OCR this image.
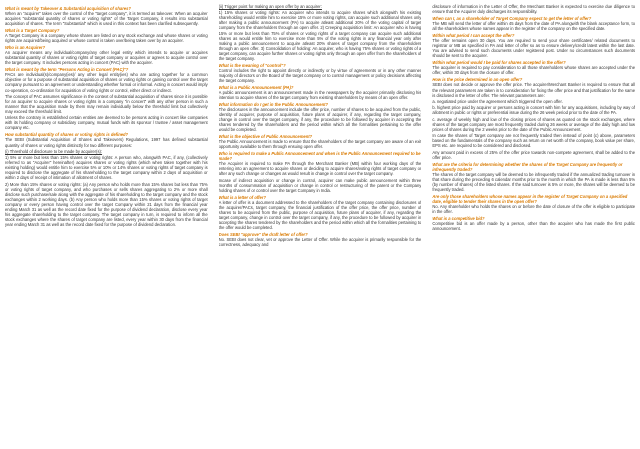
What is meant by Takeover & Substantial acquisition of shares?

When an "acquirer" takes over the control of the "target company", it is termed as takeover. When an acquirer acquires "substantial quantity of shares or voting rights" of the Target Company, it results into substantial acquisition of shares. The term "Substantial" which is used in this context has been clarified subsequently.

What is a Target Company?

A Target Company is a company whose shares are listed on any stock exchange and whose shares or voting rights are acquired/being acquired or whose control is taken over/being taken over by an acquirer.

Who is an Acquirer?

An acquirer means any individual/company/any other legal entity which intends to acquire or acquires substantial quantity of shares or voting rights of target company or acquires or agrees to acquire control over the target company. It includes persons acting in concert (PAC) with the acquirer.

What is meant by the term "Persons Acting in Concert (PAC)"?

PACs are individual(s)/company(ies)/ any other legal entity(ies) who are acting together for a common objective or for a purpose of substantial acquisition of shares or voting rights or gaining control over the target company pursuant to an agreement or understanding whether formal or informal. Acting in concert would imply co-operation, co-ordination for acquisition of voting rights or control, either direct or indirect.

The concept of PAC assumes significance in the context of substantial acquisition of shares since it is possible for an acquirer to acquire shares or voting rights in a company "in concert" with any other person in such a manner that the acquisition made by them may remain individually below the threshold limit but collectively may exceed the threshold limit.

Unless the contrary is established certain entities are deemed to be persons acting in concert like companies with its holding company or subsidiary company, mutual funds with its sponsor / trustee / asset management company etc.

How substantial quantity of shares or voting rights is defined?

The SEBI (Substantial Acquisition of Shares and Takeovers) Regulations, 1997 has defined substantial quantity of shares or voting rights distinctly for two different purposes:

(i) Threshold of disclosure to be made by acquirer(s):

1) 5% or more but less than 15% shares or voting rights: A person who, alongwith PAC, if any, (collectively referred to as "Acquirer" hereinafter) acquires shares or voting rights (which when taken together with his existing holding) would entitle him to exercise 5% or 10% or 14% shares or voting rights of target company is required to disclose the aggregate of his shareholding to the target company within 2 days of acquisition or within 2 days of receipt of intimation of allotment of shares.

2) More than 15% shares or voting rights: (a) Any person who holds more than 15% shares but less than 75% or voting rights of target company, and who purchases or sells shares aggregating to 2% or more shall disclose such purchase/sale along with the aggregate of his shareholding to the target company and the stock exchanges within 2 working days. (b) Any person who holds more than 15% shares or voting rights of target company or every person having control over the target Company within 21 days from the financial year ending March 31 as well as the record date fixed for the purpose of dividend declaration, disclose every year his aggregate shareholding to the target company. The target company in turn, is required to inform all the stock exchanges where the shares of target company are listed, every year within 30 days from the financial year ending March 31 as well as the record date fixed for the purpose of dividend declaration.

(ii) Trigger point for making an open offer by an acquirer:

1) 15% shares or voting rights: An acquirer who intends to acquire shares which alongwith his existing shareholding would entitle him to exercise 15% or more voting rights, can acquire such additional shares only after making a public announcement (PA) to acquire atleast additional 20% of the voting capital of target company from the shareholders through an open offer. 2) Creeping acquisition limit: An acquirer who is having 15% or more but less than 75% of shares or voting rights of a target company can acquire such additional shares as would entitle him to exercise more than 5% of the voting rights in any financial year only after making a public announcement to acquire atleast 20% shares of target company from the shareholders through an open offer. 3) Consolidation of holding: An acquirer, who is having 75% shares or voting rights of a target company, can acquire further shares or voting rights only through an open offer from the shareholders of the target company.

What is the meaning of "control"?

Control includes the right to appoint directly or indirectly or by virtue of agreements or in any other manner majority of directors on the Board of the target company or to control management or policy decisions affecting the target company.

What is a Public Announcement (PA)?

A public announcement is an announcement made in the newspapers by the acquirer primarily disclosing his intention to acquire shares of the target company from existing shareholders by means of an open offer.

What information do I get in the Public Announcement?

The disclosures in the announcement include the offer price, number of shares to be acquired from the public, identity of acquirer, purpose of acquisition, future plans of acquirer, if any, regarding the target company, change in control over the target company, if any, the procedure to be followed by acquirer in accepting the shares tendered by the shareholders and the period within which all the formalities pertaining to the offer would be completed.

What is the objective of Public Announcement?

The Public Announcement is made to ensure that the shareholders of the target company are aware of an exit opportunity available to them through ensuing open offer.

Who is required to make a Public Announcement and when is the Public Announcement required to be made?

The Acquirer is required to make PA through the Merchant Banker (MB) within four working days of the entering into an agreement to acquire shares or deciding to acquire shares/voting rights of target company or after any such change or changes as would result in change in control over the target company.

Incase of indirect acquisition or change in control, acquirer can make public announcement within three months of consummation of acquisition or change in control or restructuring of the parent or the Company holding shares of or control over the target Company in India.

What is a letter of offer?

A letter of offer is a document addressed to the shareholders of the target company containing disclosures of the acquirer/PACs, target company, the financial justification of the offer price, the offer price, number of shares to be acquired from the public, purpose of acquisition, future plans of acquirer, if any, regarding the target company, change in control over the target company, if any, the procedure to be followed by acquirer in accepting the shares tendered by the shareholders and the period within which all the formalities pertaining to the offer would be completed.

Does SEBI "approve" the draft letter of offer?

No. SEBI does not clear, vet or approve the Letter of Offer. While the acquirer is primarily responsible for the correctness, adequacy and

disclosure of information in the Letter of Offer, the Merchant Banker is expected to exercise due diligence to ensure that the Acquirer duly discharges its responsibility.

When can I, as a shareholder of Target Company expect to get the letter of offer?

The MB will send the letter of offer within 45 days from the date of PA alongwith the blank acceptance form, to all the shareholders whose names appear in the register of the company on the specified date.

Within what period I can accept the offer?

The offer remains open 30 days. You are required to send your share certificates/ related documents to registrar or MB as specified in PA and letter of offer so as to ensure delivery/credit latest within the last date. You are advised to send such documents under registered post. Under no circumstances such documents should be sent to the acquirer.

Within what period would I be paid for shares accepted in the offer?

The acquirer is required to pay consideration to all those shareholders whose shares are accepted under the offer, within 30 days from the closure of offer.

How is the price determined in an open offer?

SEBI does not decide or approve the offer price. The acquirer/Merchant Banker is required to ensure that all the relevant parameters are taken in to consideration for fixing the offer price and that justification for the same is disclosed in the letter of offer. The relevant parameters are:

a. negotiated price under the agreement which triggered the open offer.

b. highest price paid by acquirer or persons acting in concert with him for any acquisitions, including by way of allotment in public or rights or preferential issue during the 26 week period prior to the date of the PA.

c. average of weekly high and low of the closing prices of shares as quoted on the stock exchanges, where shares of the target company are most frequently traded during 26 weeks or average of the daily high and low prices of shares during the 2 weeks prior to the date of the Public Announcement.

In case the shares of Target company are not frequently traded then instead of point (c) above, parameters based on the fundamentals of the company such as return on net worth of the company, book value per share, EPS etc. are required to be considered and disclosed.

Any amount paid in excess of 25% of the offer price towards non-compete agreement, shall be added to the offer price.

What are the criteria for determining whether the shares of the Target Company are frequently or infrequently traded?

The shares of the target company will be deemed to be infrequently traded if the annualized trading turnover in that share during the preceding 6 calendar months prior to the month in which the PA is made is less than 5% (by number of shares) of the listed shares. If the said turnover is 5% or more, the shares will be deemed to be frequently traded.

Are only those shareholders whose names appear in the register of Target Company on a specified date, eligible to tender their shares in the open offer?

No. Any shareholder who holds the shares on or before the date of closure of the offer is eligible to participate in the offer.

What is a competitive bid?

Competitive bid is an offer made by a person, other than the acquirer who has made the first public announcement.
